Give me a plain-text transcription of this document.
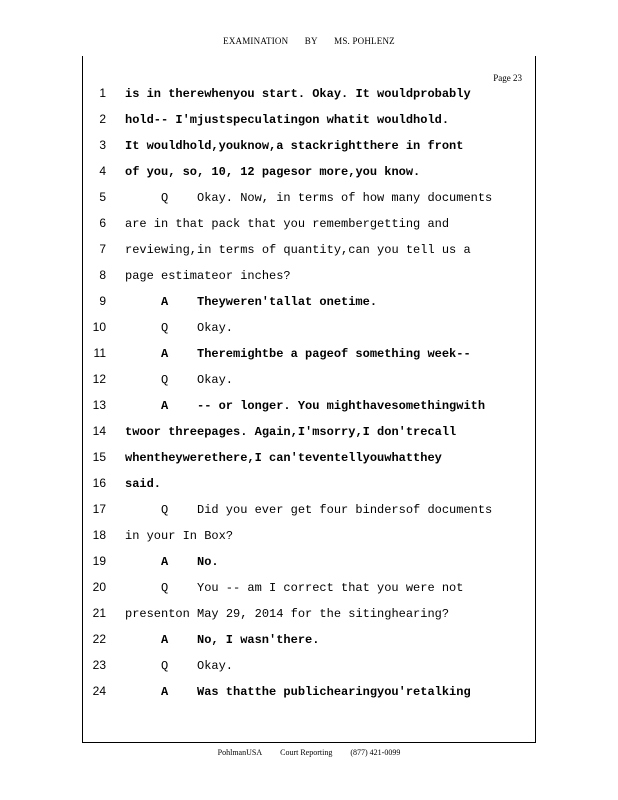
EXAMINATION BY MS. POHLENZ
Page 23
1 is in therewhenyou start. Okay. It wouldprobably
2 hold-- I'mjustspeculatingon whatit wouldhold.
3 It wouldhold,youknow,a stackrightthere in front
4 of you, so, 10, 12 pagesor more,you know.
5	Q Okay. Now, in terms of how many documents
6 are in that pack that you remembergetting and
7 reviewing,in terms of quantity,can you tell us a
8 page estimateor inches?
9	A Theyweren'tallat onetime.
10	Q Okay.
11	A Theremightbe a pageof something week--
12	Q Okay.
13	A -- or longer. You mighthavesomethingwith
14 twoor threepages. Again,I'msorry,I don'trecall
15 whentheywerethere,I can'teventellyouwhatthey
16 said.
17	Q Did you ever get four bindersof documents
18 in your In Box?
19	A No.
20	Q You -- am I correct that you were not
21 presenton May 29, 2014 for the sitinghearing?
22	A No, I wasn'there.
23	Q Okay.
24	A Was thatthe publichearingyou'retalking
PohlmanUSA Court Reporting (877) 421-0099
